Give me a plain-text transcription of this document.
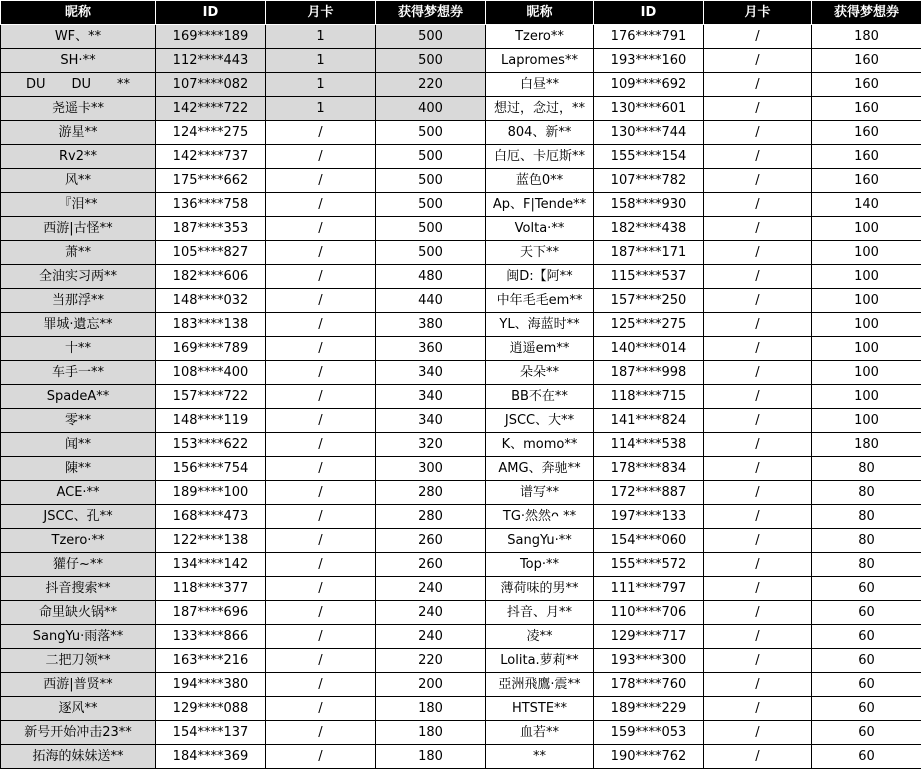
昵称	ID	月卡	获得梦想券	昵称	ID	月卡	获得梦想券
WF、**	169****189	1	500	Tzero**	176****791	/	180
SH·**	112****443	1	500	Lapromes**	193****160	/	160
DU　　DU　　**	107****082	1	220	白昼**	109****692	/	160
尧遥卡**	142****722	1	400	想过，念过，**	130****601	/	160
游星**	124****275	/	500	804、新**	130****744	/	160
Rv2**	142****737	/	500	白厄、卡厄斯**	155****154	/	160
风**	175****662	/	500	蓝色0**	107****782	/	160
『泪**	136****758	/	500	Ap、F|Tende**	158****930	/	140
西游|古怪**	187****353	/	500	Volta·**	182****438	/	100
萧**	105****827	/	500	天下**	187****171	/	100
全油实习两**	182****606	/	480	闽D:【阿**	115****537	/	100
当那浮**	148****032	/	440	中年毛毛em**	157****250	/	100
罪城·遺忘**	183****138	/	380	YL、海蓝时**	125****275	/	100
十**	169****789	/	360	逍遥em**	140****014	/	100
车手一**	108****400	/	340	朵朵**	187****998	/	100
SpadeA**	157****722	/	340	BB不在**	118****715	/	100
零**	148****119	/	340	JSCC、大**	141****824	/	100
闻**	153****622	/	320	K、momo**	114****538	/	180
陳**	156****754	/	300	AMG、奔驰**	178****834	/	80
ACE·**	189****100	/	280	谱写**	172****887	/	80
JSCC、孔**	168****473	/	280	TG·然然ᴖ **	197****133	/	80
Tzero·**	122****138	/	260	SangYu·**	154****060	/	80
獾仔~**	134****142	/	260	Top·**	155****572	/	80
抖音搜索**	118****377	/	240	薄荷味的男**	111****797	/	60
命里缺火锅**	187****696	/	240	抖音、月**	110****706	/	60
SangYu·雨落**	133****866	/	240	凌**	129****717	/	60
二把刀领**	163****216	/	220	Lolita.萝莉**	193****300	/	60
西游|普贤**	194****380	/	200	亞洲飛鷹·震**	178****760	/	60
逐风**	129****088	/	180	HTSTE**	189****229	/	60
新号开始冲击23**	154****137	/	180	血若**	159****053	/	60
拓海的妹妹送**	184****369	/	180	**	190****762	/	60
